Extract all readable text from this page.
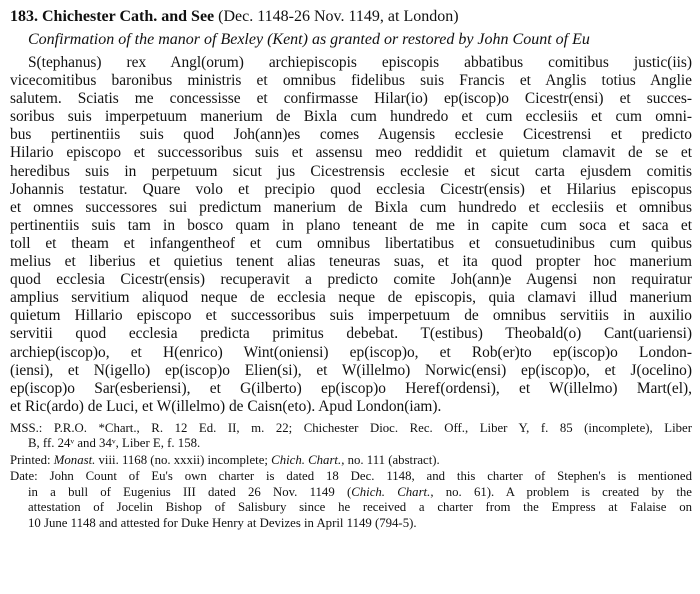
183. Chichester Cath. and See (Dec. 1148-26 Nov. 1149, at London)
Confirmation of the manor of Bexley (Kent) as granted or restored by John Count of Eu
S(tephanus) rex Angl(orum) archiepiscopis episcopis abbatibus comitibus justic(iis)
vicecomitibus baronibus ministris et omnibus fidelibus suis Francis et Anglis totius Anglie
salutem. Sciatis me concessisse et confirmasse Hilar(io) ep(iscop)o Cicestr(ensi) et succes-
soribus suis imperpetuum manerium de Bixla cum hundredo et cum ecclesiis et cum omni-
bus pertinentiis suis quod Joh(ann)es comes Augensis ecclesie Cicestrensi et predicto
Hilario episcopo et successoribus suis et assensu meo reddidit et quietum clamavit de se et
heredibus suis in perpetuum sicut jus Cicestrensis ecclesie et sicut carta ejusdem comitis
Johannis testatur. Quare volo et precipio quod ecclesia Cicestr(ensis) et Hilarius episcopus
et omnes successores sui predictum manerium de Bixla cum hundredo et ecclesiis et omnibus
pertinentiis suis tam in bosco quam in plano teneant de me in capite cum soca et saca et
toll et theam et infangentheof et cum omnibus libertatibus et consuetudinibus cum quibus
melius et liberius et quietius tenent alias teneuras suas, et ita quod propter hoc manerium
quod ecclesia Cicestr(ensis) recuperavit a predicto comite Joh(ann)e Augensi non requiratur
amplius servitium aliquod neque de ecclesia neque de episcopis, quia clamavi illud manerium
quietum Hillario episcopo et successoribus suis imperpetuum de omnibus servitiis in auxilio
servitii quod ecclesia predicta primitus debebat. T(estibus) Theobald(o) Cant(uariensi)
archiep(iscop)o, et H(enrico) Wint(oniensi) ep(iscop)o, et Rob(er)to ep(iscop)o London-
(iensi), et N(igello) ep(iscop)o Elien(si), et W(illelmo) Norwic(ensi) ep(iscop)o, et J(ocelino)
ep(iscop)o Sar(esberiensi), et G(ilberto) ep(iscop)o Heref(ordensi), et W(illelmo) Mart(el),
et Ric(ardo) de Luci, et W(illelmo) de Caisn(eto). Apud London(iam).
MSS.: P.R.O. *Chart., R. 12 Ed. II, m. 22; Chichester Dioc. Rec. Off., Liber Y, f. 85 (incomplete), Liber
B, ff. 24ᵛ and 34ᵛ, Liber E, f. 158.
Printed: Monast. viii. 1168 (no. xxxii) incomplete; Chich. Chart., no. 111 (abstract).
Date: John Count of Eu's own charter is dated 18 Dec. 1148, and this charter of Stephen's is mentioned
in a bull of Eugenius III dated 26 Nov. 1149 (Chich. Chart., no. 61). A problem is created by the
attestation of Jocelin Bishop of Salisbury since he received a charter from the Empress at Falaise on
10 June 1148 and attested for Duke Henry at Devizes in April 1149 (794-5).
